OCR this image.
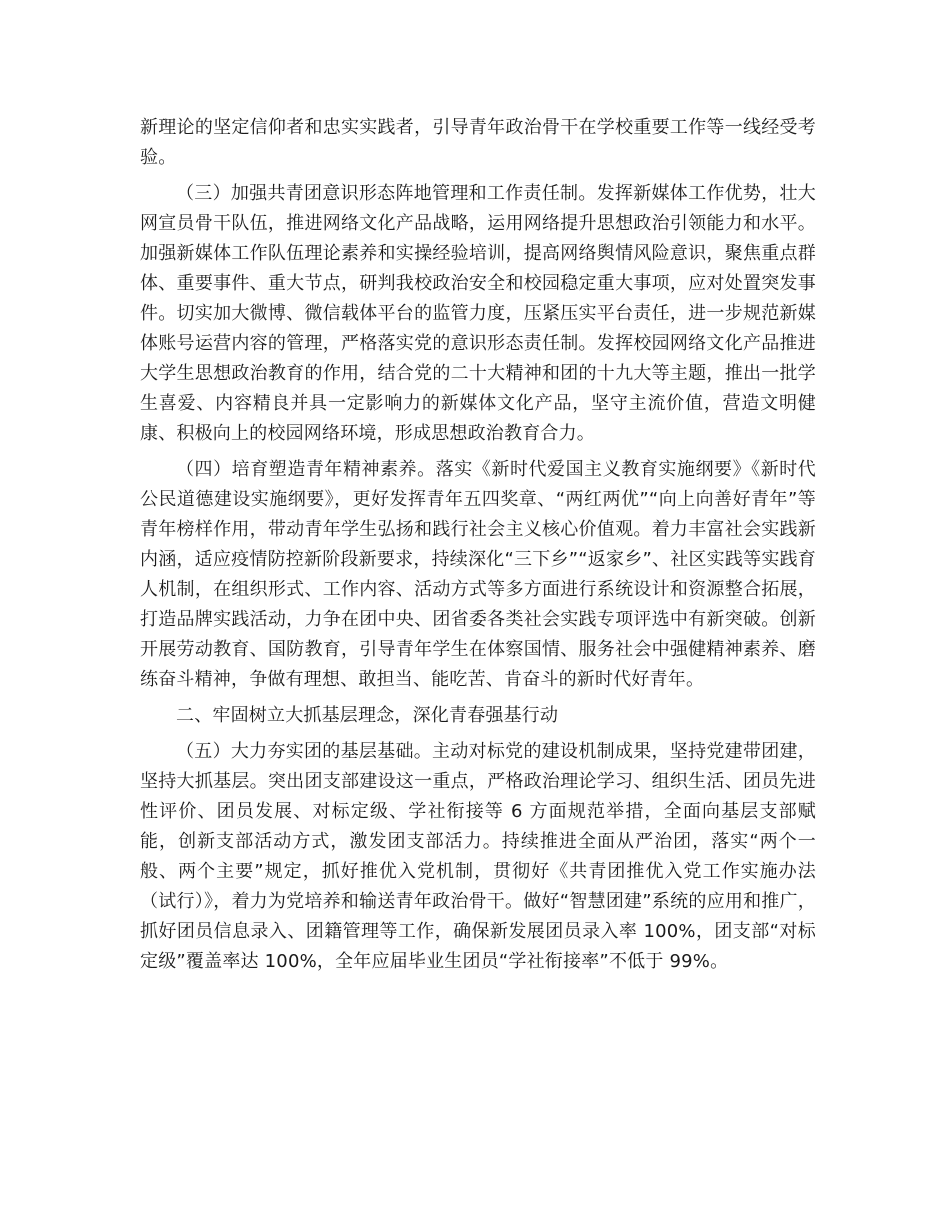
新理论的坚定信仰者和忠实实践者，引导青年政治骨干在学校重要工作等一线经受考验。

（三）加强共青团意识形态阵地管理和工作责任制。发挥新媒体工作优势，壮大网宣员骨干队伍，推进网络文化产品战略，运用网络提升思想政治引领能力和水平。加强新媒体工作队伍理论素养和实操经验培训，提高网络舆情风险意识，聚焦重点群体、重要事件、重大节点，研判我校政治安全和校园稳定重大事项，应对处置突发事件。切实加大微博、微信载体平台的监管力度，压紧压实平台责任，进一步规范新媒体账号运营内容的管理，严格落实党的意识形态责任制。发挥校园网络文化产品推进大学生思想政治教育的作用，结合党的二十大精神和团的十九大等主题，推出一批学生喜爱、内容精良并具一定影响力的新媒体文化产品，坚守主流价值，营造文明健康、积极向上的校园网络环境，形成思想政治教育合力。

（四）培育塑造青年精神素养。落实《新时代爱国主义教育实施纲要》《新时代公民道德建设实施纲要》，更好发挥青年五四奖章、“两红两优”“向上向善好青年”等青年榜样作用，带动青年学生弘扬和践行社会主义核心价值观。着力丰富社会实践新内涵，适应疫情防控新阶段新要求，持续深化“三下乡”“返家乡”、社区实践等实践育人机制，在组织形式、工作内容、活动方式等多方面进行系统设计和资源整合拓展，打造品牌实践活动，力争在团中央、团省委各类社会实践专项评选中有新突破。创新开展劳动教育、国防教育，引导青年学生在体察国情、服务社会中强健精神素养、磨练奋斗精神，争做有理想、敢担当、能吃苦、肯奋斗的新时代好青年。

二、牢固树立大抓基层理念，深化青春强基行动

（五）大力夯实团的基层基础。主动对标党的建设机制成果，坚持党建带团建，坚持大抓基层。突出团支部建设这一重点，严格政治理论学习、组织生活、团员先进性评价、团员发展、对标定级、学社衔接等 6 方面规范举措，全面向基层支部赋能，创新支部活动方式，激发团支部活力。持续推进全面从严治团，落实“两个一般、两个主要”规定，抓好推优入党机制，贯彻好《共青团推优入党工作实施办法（试行）》，着力为党培养和输送青年政治骨干。做好“智慧团建”系统的应用和推广，抓好团员信息录入、团籍管理等工作，确保新发展团员录入率 100%，团支部“对标定级”覆盖率达 100%，全年应届毕业生团员“学社衔接率”不低于 99%。
